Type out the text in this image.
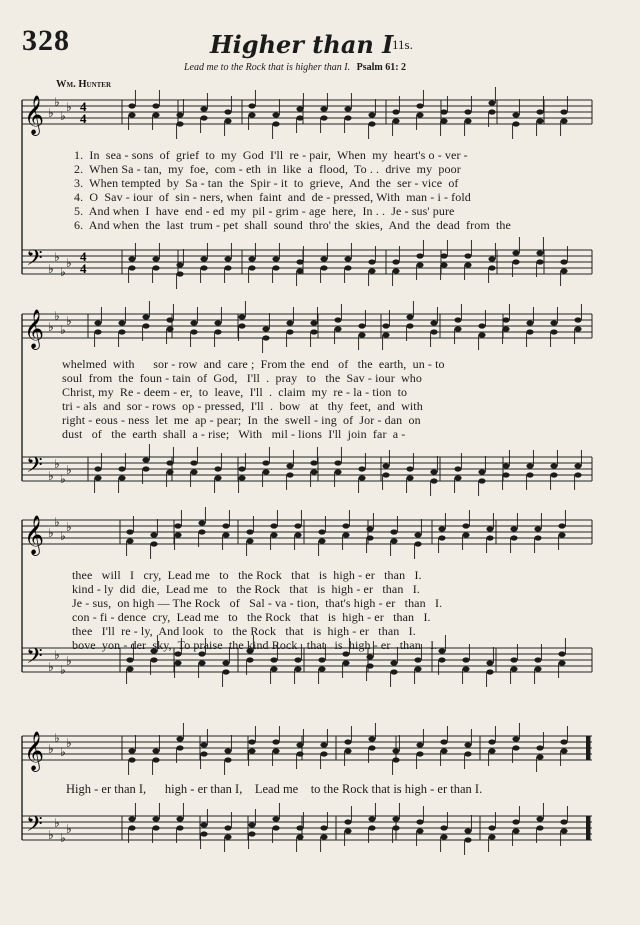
328	Higher than I
11s.
Lead me to the Rock that is higher than I. Psalm 61: 2
Wm. Hunter
𝄞
𝄢
♭
♭
♭
♭
♭
♭
♭
♭
4
4
4
4
𝄞
𝄢
♭
♭
♭
♭
♭
♭
♭
♭
𝄞
𝄢
♭
♭
♭
♭
♭
♭
♭
♭
𝄞
𝄢
♭
♭
♭
♭
♭
♭
♭
♭
1.  In  sea - sons  of  grief  to  my  God  I'll  re - pair,  When  my  heart's o - ver -
2.  When Sa - tan,  my  foe,  com - eth  in  like  a  flood,  To . .  drive  my  poor
3.  When tempted  by  Sa - tan  the  Spir - it  to  grieve,  And  the  ser - vice  of
4.  O  Sav - iour  of  sin - ners, when  faint  and  de - pressed, With  man - i - fold
5.  And when  I  have  end - ed  my  pil - grim - age  here,  In . .  Je - sus' pure
6.  And when  the  last  trum - pet  shall  sound  thro' the  skies,  And  the  dead  from  the
whelmed  with      sor - row  and  care ;  From the  end   of   the  earth,  un - to
soul  from  the  foun - tain  of  God,   I'll  .  pray   to   the  Sav - iour  who
Christ, my  Re - deem - er,  to  leave,  I'll  .  claim  my  re - la - tion  to
tri - als  and  sor - rows  op - pressed,  I'll  .  bow   at   thy  feet,  and  with
right - eous - ness  let  me  ap - pear;  In  the  swell - ing  of  Jor - dan  on
dust   of   the  earth  shall  a - rise;   With   mil - lions  I'll  join  far  a -
thee   will   I   cry,  Lead me   to   the Rock   that   is  high - er   than   I.
kind - ly  did  die,  Lead me   to   the Rock   that   is  high - er   than   I.
Je - sus,  on high — The Rock   of   Sal - va - tion,  that's high - er   than   I.
con - fi - dence  cry,  Lead me   to   the Rock   that   is  high - er   than   I.
thee   I'll  re - ly,  And look   to   the Rock   that   is  high - er   than   I.
bove  yon - der  sky,  To praise  the kind Rock   that   is  high - er   than   I.
High - er than I,      high - er than I,    Lead me    to the Rock that is high - er than I.
